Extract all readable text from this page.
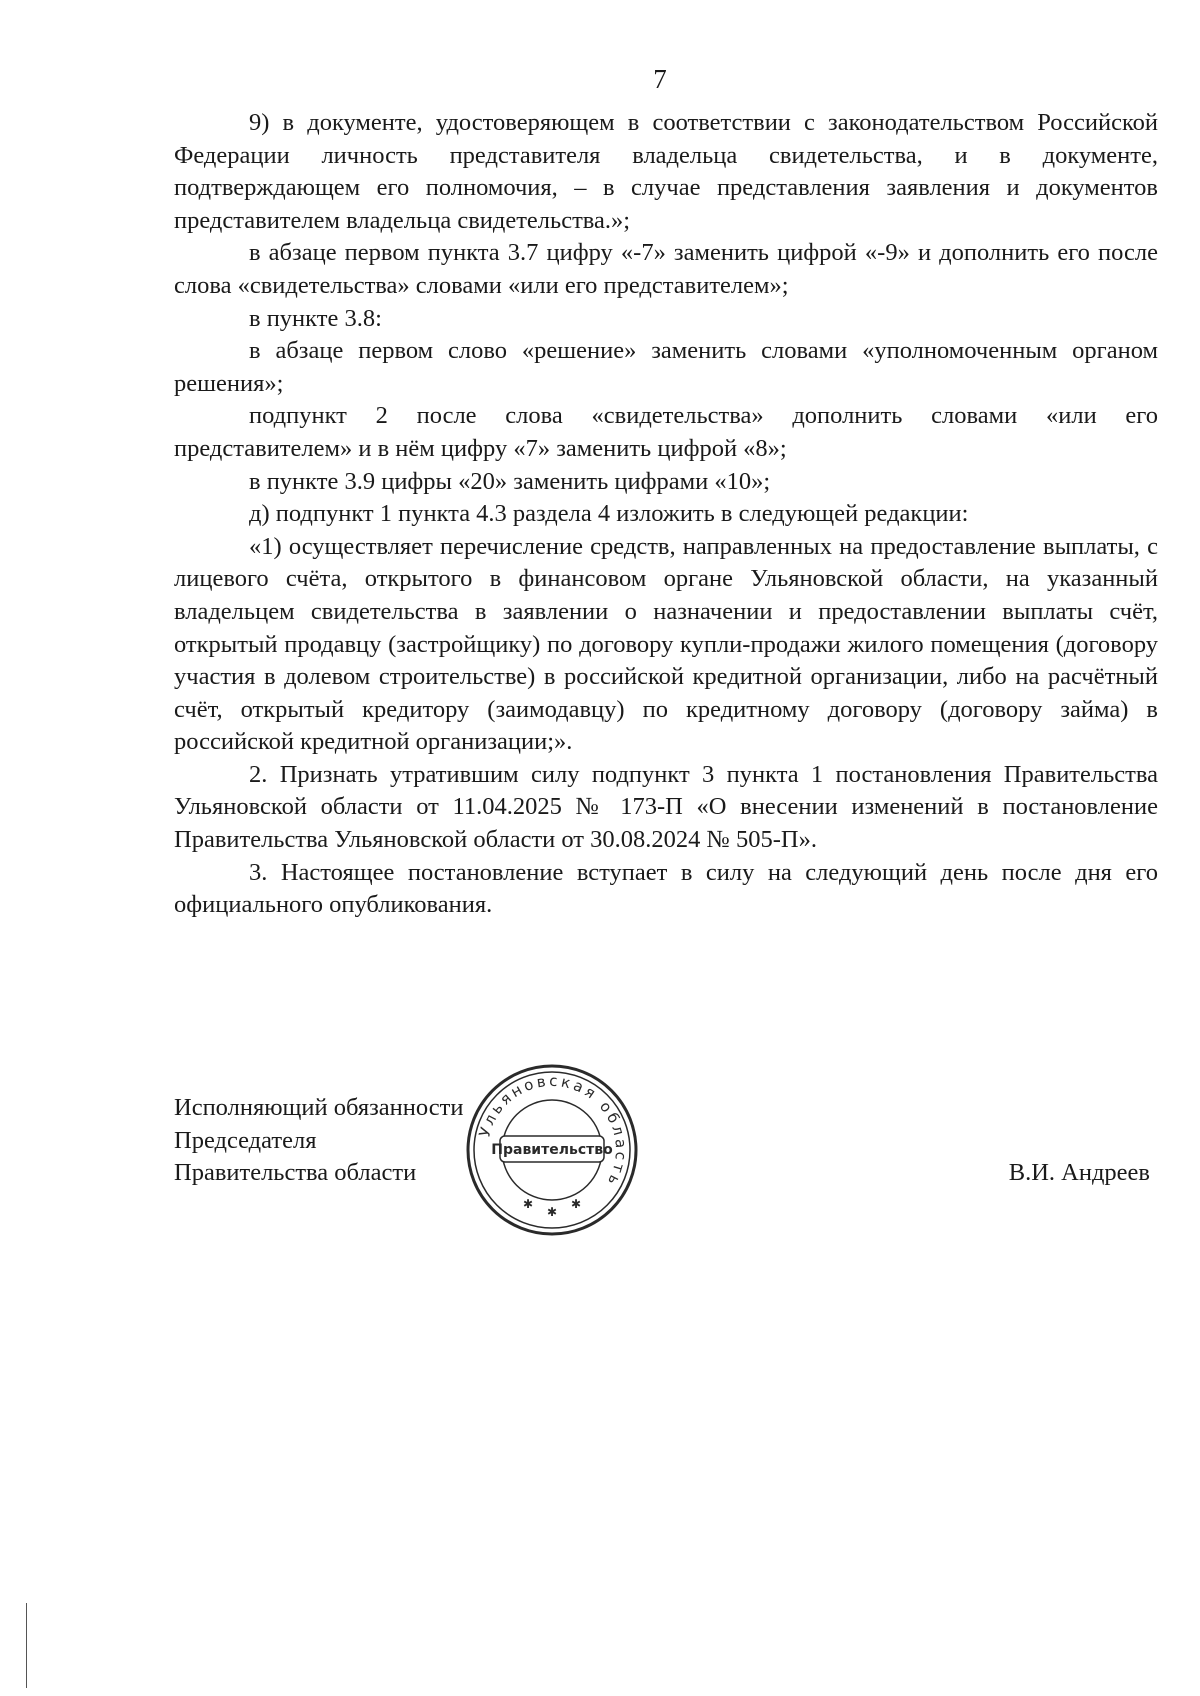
7

9) в документе, удостоверяющем в соответствии с законодательством Российской Федерации личность представителя владельца свидетельства, и в документе, подтверждающем его полномочия, – в случае представления заявления и документов представителем владельца свидетельства.»;

в абзаце первом пункта 3.7 цифру «-7» заменить цифрой «-9» и дополнить его после слова «свидетельства» словами «или его представителем»;

в пункте 3.8:

в абзаце первом слово «решение» заменить словами «уполномоченным органом решения»;

подпункт 2 после слова «свидетельства» дополнить словами «или его представителем» и в нём цифру «7» заменить цифрой «8»;

в пункте 3.9 цифры «20» заменить цифрами «10»;

д) подпункт 1 пункта 4.3 раздела 4 изложить в следующей редакции:

«1) осуществляет перечисление средств, направленных на предоставление выплаты, с лицевого счёта, открытого в финансовом органе Ульяновской области, на указанный владельцем свидетельства в заявлении о назначении и предоставлении выплаты счёт, открытый продавцу (застройщику) по договору купли-продажи жилого помещения (договору участия в долевом строительстве) в российской кредитной организации, либо на расчётный счёт, открытый кредитору (заимодавцу) по кредитному договору (договору займа) в российской кредитной организации;».

2. Признать утратившим силу подпункт 3 пункта 1 постановления Правительства Ульяновской области от 11.04.2025 № 173-П «О внесении изменений в постановление Правительства Ульяновской области от 30.08.2024 № 505-П».

3. Настоящее постановление вступает в силу на следующий день после дня его официального опубликования.

Исполняющий обязанности
Председателя
Правительства области
Ульяновская область
Правительство
✱
✱
✱
В.И. Андреев
